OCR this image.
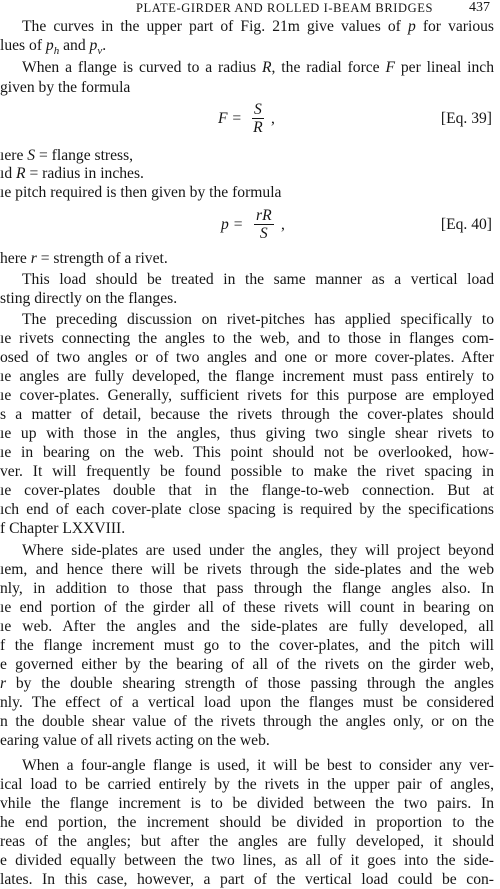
PLATE-GIRDER AND ROLLED I-BEAM BRIDGES	437
The curves in the upper part of Fig. 21m give values of p for various
lues of $p_h$ and $p_v$.
When a flange is curved to a radius R, the radial force F per lineal inch
given by the formula
$F = \frac{S}{R}$ ,	[Eq. 39]
ıere S = flange stress,
ıd R = radius in inches.
ıe pitch required is then given by the formula
$p = \frac{rR}{S}$ ,	[Eq. 40]
here r = strength of a rivet.
This load should be treated in the same manner as a vertical load
sting directly on the flanges.
The preceding discussion on rivet-pitches has applied specifically to
ıe rivets connecting the angles to the web, and to those in flanges com-
osed of two angles or of two angles and one or more cover-plates. After
ıe angles are fully developed, the flange increment must pass entirely to
ıe cover-plates. Generally, sufficient rivets for this purpose are employed
s a matter of detail, because the rivets through the cover-plates should
ıe up with those in the angles, thus giving two single shear rivets to
ıe in bearing on the web. This point should not be overlooked, how-
ver. It will frequently be found possible to make the rivet spacing in
ıe cover-plates double that in the flange-to-web connection. But at
ıch end of each cover-plate close spacing is required by the specifications
f Chapter LXXVIII.
Where side-plates are used under the angles, they will project beyond
ıem, and hence there will be rivets through the side-plates and the web
nly, in addition to those that pass through the flange angles also. In
ıe end portion of the girder all of these rivets will count in bearing on
ıe web. After the angles and the side-plates are fully developed, all
f the flange increment must go to the cover-plates, and the pitch will
e governed either by the bearing of all of the rivets on the girder web,
r by the double shearing strength of those passing through the angles
nly. The effect of a vertical load upon the flanges must be considered
n the double shear value of the rivets through the angles only, or on the
earing value of all rivets acting on the web.
When a four-angle flange is used, it will be best to consider any ver-
ical load to be carried entirely by the rivets in the upper pair of angles,
vhile the flange increment is to be divided between the two pairs. In
he end portion, the increment should be divided in proportion to the
reas of the angles; but after the angles are fully developed, it should
e divided equally between the two lines, as all of it goes into the side-
lates. In this case, however, a part of the vertical load could be con-
